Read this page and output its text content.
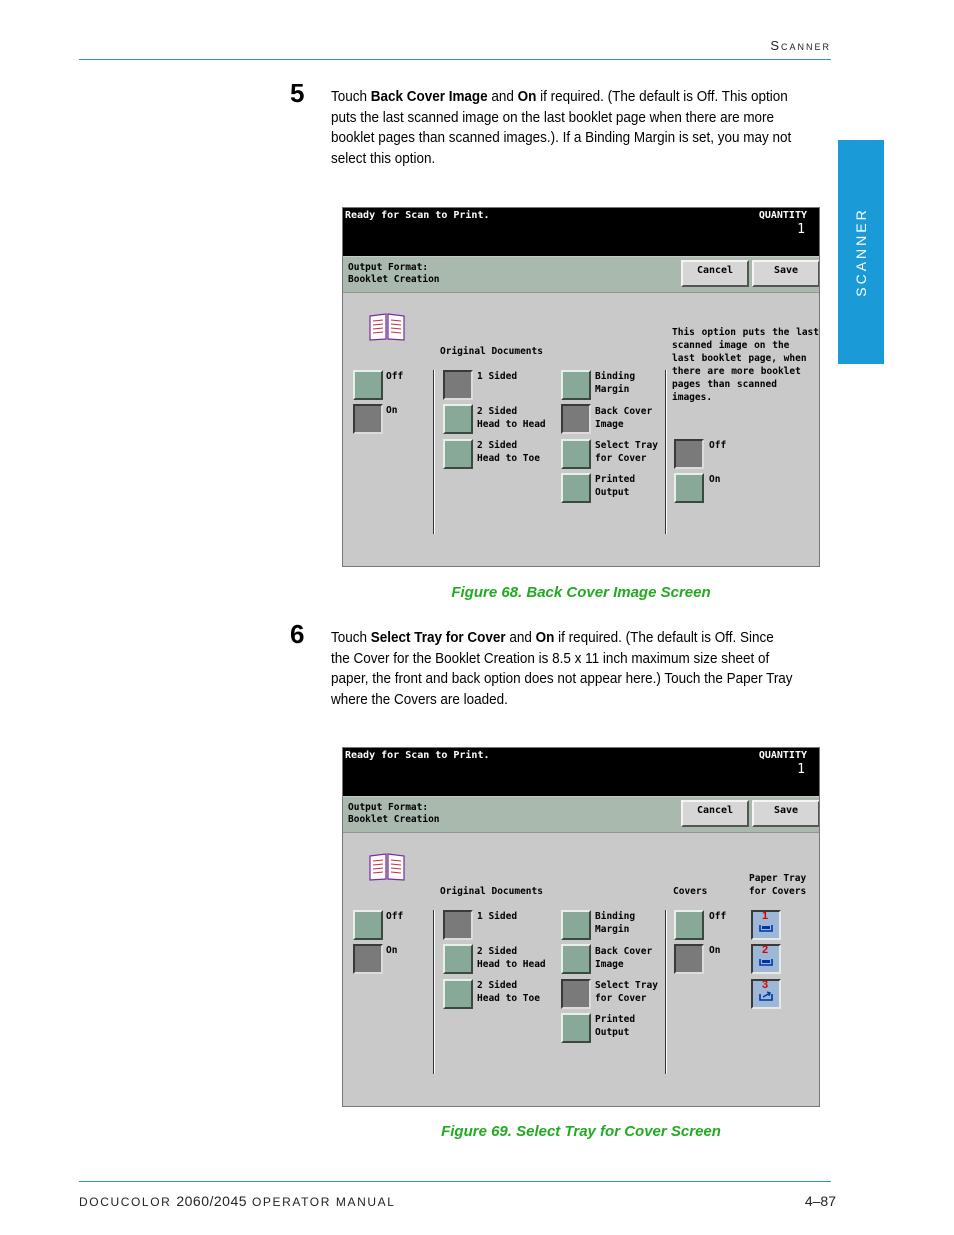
Scanner
SCANNER
5 Touch Back Cover Image and On if required. (The default is Off. This option puts the last scanned image on the last booklet page when there are more booklet pages than scanned images.). If a Binding Margin is set, you may not select this option.
Ready for Scan to Print.	QUANTITY
1
Output Format:
Booklet Creation
Cancel	Save
Original Documents
Off
On
1 Sided
2 Sided
Head to Head
2 Sided
Head to Toe
Binding
Margin
Back Cover
Image
Select Tray
for Cover
Printed
Output
This option puts the last
scanned image on the
last booklet page, when
there are more booklet
pages than scanned
images.
Off
On
Figure 68. Back Cover Image Screen
6 Touch Select Tray for Cover and On if required. (The default is Off. Since the Cover for the Booklet Creation is 8.5 x 11 inch maximum size sheet of paper, the front and back option does not appear here.) Touch the Paper Tray where the Covers are loaded.
Ready for Scan to Print.	QUANTITY
1
Output Format:
Booklet Creation
Cancel	Save
Original Documents	Covers
Paper Tray
for Covers
Off
On
1 Sided
2 Sided
Head to Head
2 Sided
Head to Toe
Binding
Margin
Back Cover
Image
Select Tray
for Cover
Printed
Output
Off
On
1
2
3
Figure 69. Select Tray for Cover Screen
DOCUCOLOR 2060/2045 OPERATOR MANUAL	4–87
